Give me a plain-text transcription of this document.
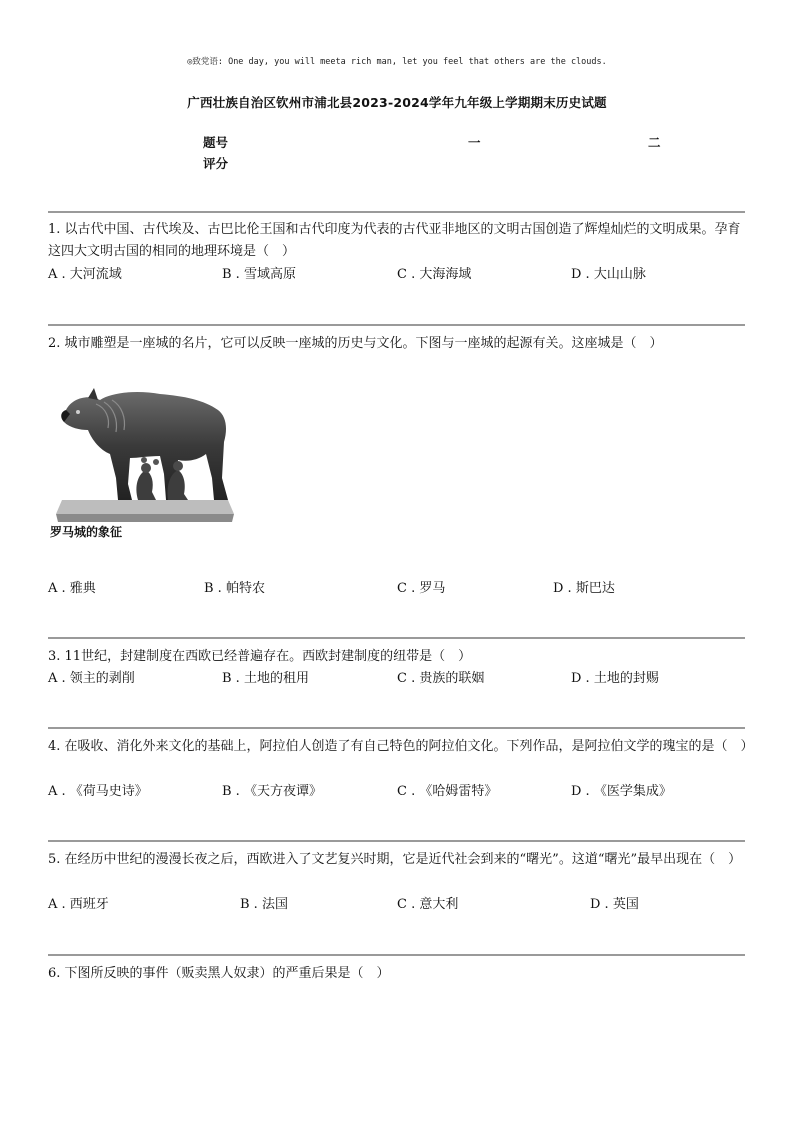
◎致党语: One day, you will meeta rich man, let you feel that others are the clouds.
广西壮族自治区钦州市浦北县2023-2024学年九年级上学期期末历史试题
题号	一	二
评分
1. 以古代中国、古代埃及、古巴比伦王国和古代印度为代表的古代亚非地区的文明古国创造了辉煌灿烂的文明成果。孕育这四大文明古国的相同的地理环境是（　）
A . 大河流域	B . 雪域高原	C . 大海海域	D . 大山山脉
2. 城市雕塑是一座城的名片，它可以反映一座城的历史与文化。下图与一座城的起源有关。这座城是（　）
罗马城的象征
A . 雅典	B . 帕特农	C . 罗马	D . 斯巴达
3. 11世纪，封建制度在西欧已经普遍存在。西欧封建制度的纽带是（　）
A . 领主的剥削	B . 土地的租用	C . 贵族的联姻	D . 土地的封赐
4. 在吸收、消化外来文化的基础上，阿拉伯人创造了有自己特色的阿拉伯文化。下列作品，是阿拉伯文学的瑰宝的是（　）
A . 《荷马史诗》	B . 《天方夜谭》	C . 《哈姆雷特》	D . 《医学集成》
5. 在经历中世纪的漫漫长夜之后，西欧进入了文艺复兴时期，它是近代社会到来的“曙光”。这道“曙光”最早出现在（　）
A . 西班牙	B . 法国	C . 意大利	D . 英国
6. 下图所反映的事件（贩卖黑人奴隶）的严重后果是（　）
